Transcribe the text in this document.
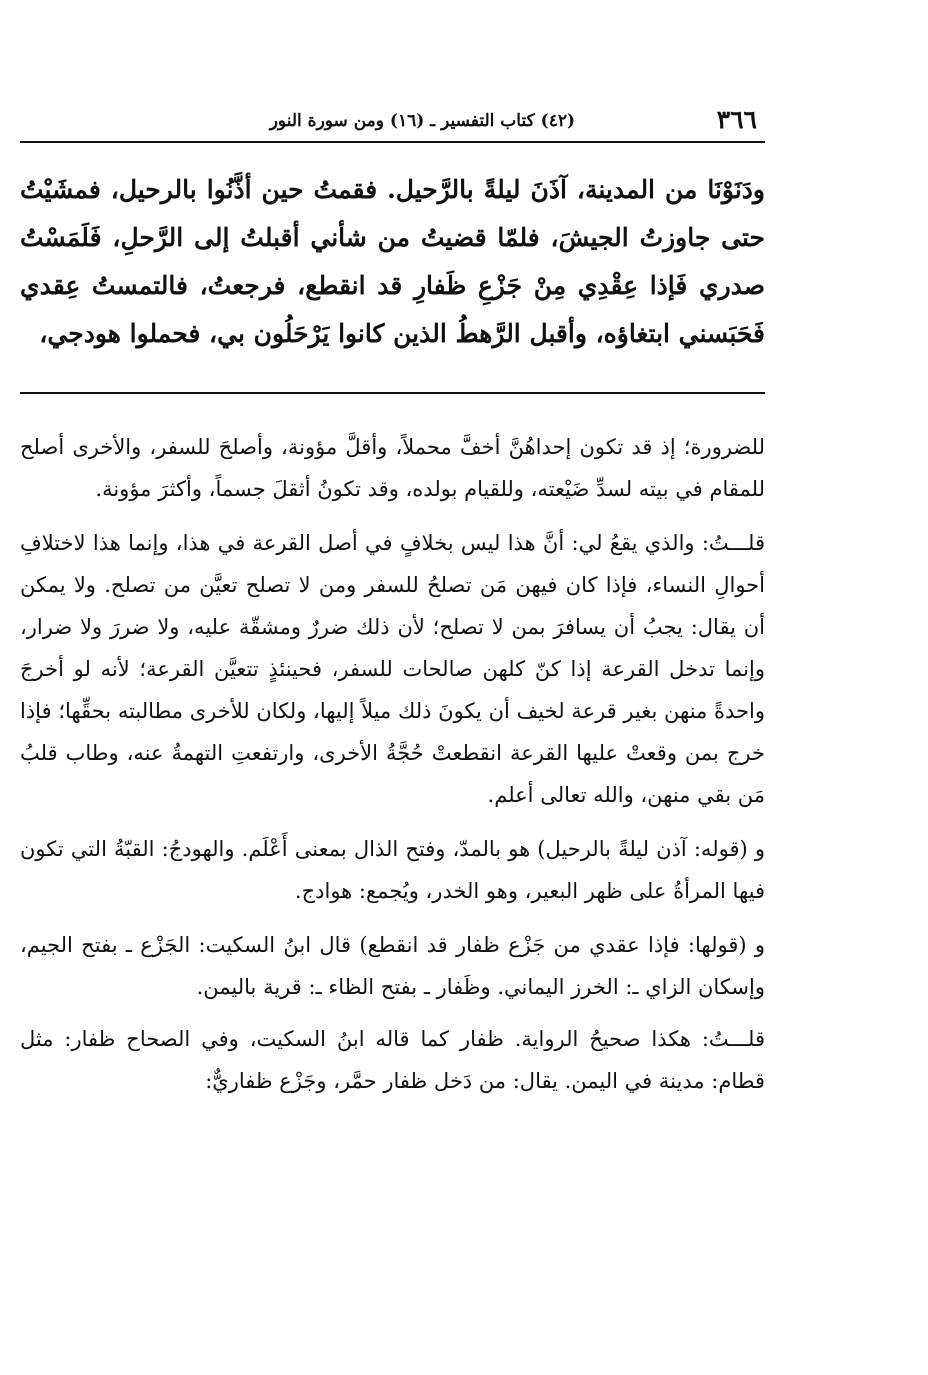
٣٦٦
(٤٢) كتاب التفسير ـ (١٦) ومن سورة النور
ودَنَوْنَا من المدينة، آذَنَ ليلةً بالرَّحيل. فقمتُ حين أذَّنُوا بالرحيل، فمشَيْتُ حتى جاوزتُ الجيشَ، فلمّا قضيتُ من شأني أقبلتُ إلى الرَّحلِ، فَلَمَسْتُ صدري فَإذا عِقْدِي مِنْ جَزْعِ ظَفارِ قد انقطع، فرجعتُ، فالتمستُ عِقدي فَحَبَسني ابتغاؤه، وأقبل الرَّهطُ الذين كانوا يَرْحَلُون بي، فحملوا هودجي،

للضرورة؛ إذ قد تكون إحداهُنَّ أخفَّ محملاً، وأقلَّ مؤونة، وأصلحَ للسفر، والأخرى أصلح للمقام في بيته لسدِّ ضَيْعته، وللقيام بولده، وقد تكونُ أثقلَ جسماً، وأكثرَ مؤونة.

قلـــتُ: والذي يقعُ لي: أنَّ هذا ليس بخلافٍ في أصل القرعة في هذا، وإنما هذا لاختلافِ أحوالِ النساء، فإذا كان فيهن مَن تصلحُ للسفر ومن لا تصلح تعيَّن من تصلح. ولا يمكن أن يقال: يجبُ أن يسافرَ بمن لا تصلح؛ لأن ذلك ضررٌ ومشقّة عليه، ولا ضررَ ولا ضرار، وإنما تدخل القرعة إذا كنّ كلهن صالحات للسفر، فحينئذٍ تتعيَّن القرعة؛ لأنه لو أخرجَ واحدةً منهن بغير قرعة لخيف أن يكونَ ذلك ميلاً إليها، ولكان للأخرى مطالبته بحقِّها؛ فإذا خرج بمن وقعتْ عليها القرعة انقطعتْ حُجَّةُ الأخرى، وارتفعتِ التهمةُ عنه، وطاب قلبُ مَن بقي منهن، والله تعالى أعلم.

و (قوله: آذن ليلةً بالرحيل) هو بالمدّ، وفتح الذال بمعنى أَعْلَم. والهودجُ: القبّةُ التي تكون فيها المرأةُ على ظهر البعير، وهو الخدر، ويُجمع: هوادج.

و (قولها: فإذا عقدي من جَزْع ظفار قد انقطع) قال ابنُ السكيت: الجَزْع ـ بفتح الجيم، وإسكان الزاي ـ: الخرز اليماني. وظَفار ـ بفتح الظاء ـ: قرية باليمن.

قلـــتُ: هكذا صحيحُ الرواية. ظفار كما قاله ابنُ السكيت، وفي الصحاح ظفار: مثل قطام: مدينة في اليمن. يقال: من دَخل ظفار حمَّر، وجَزْع ظفاريٌّ:
